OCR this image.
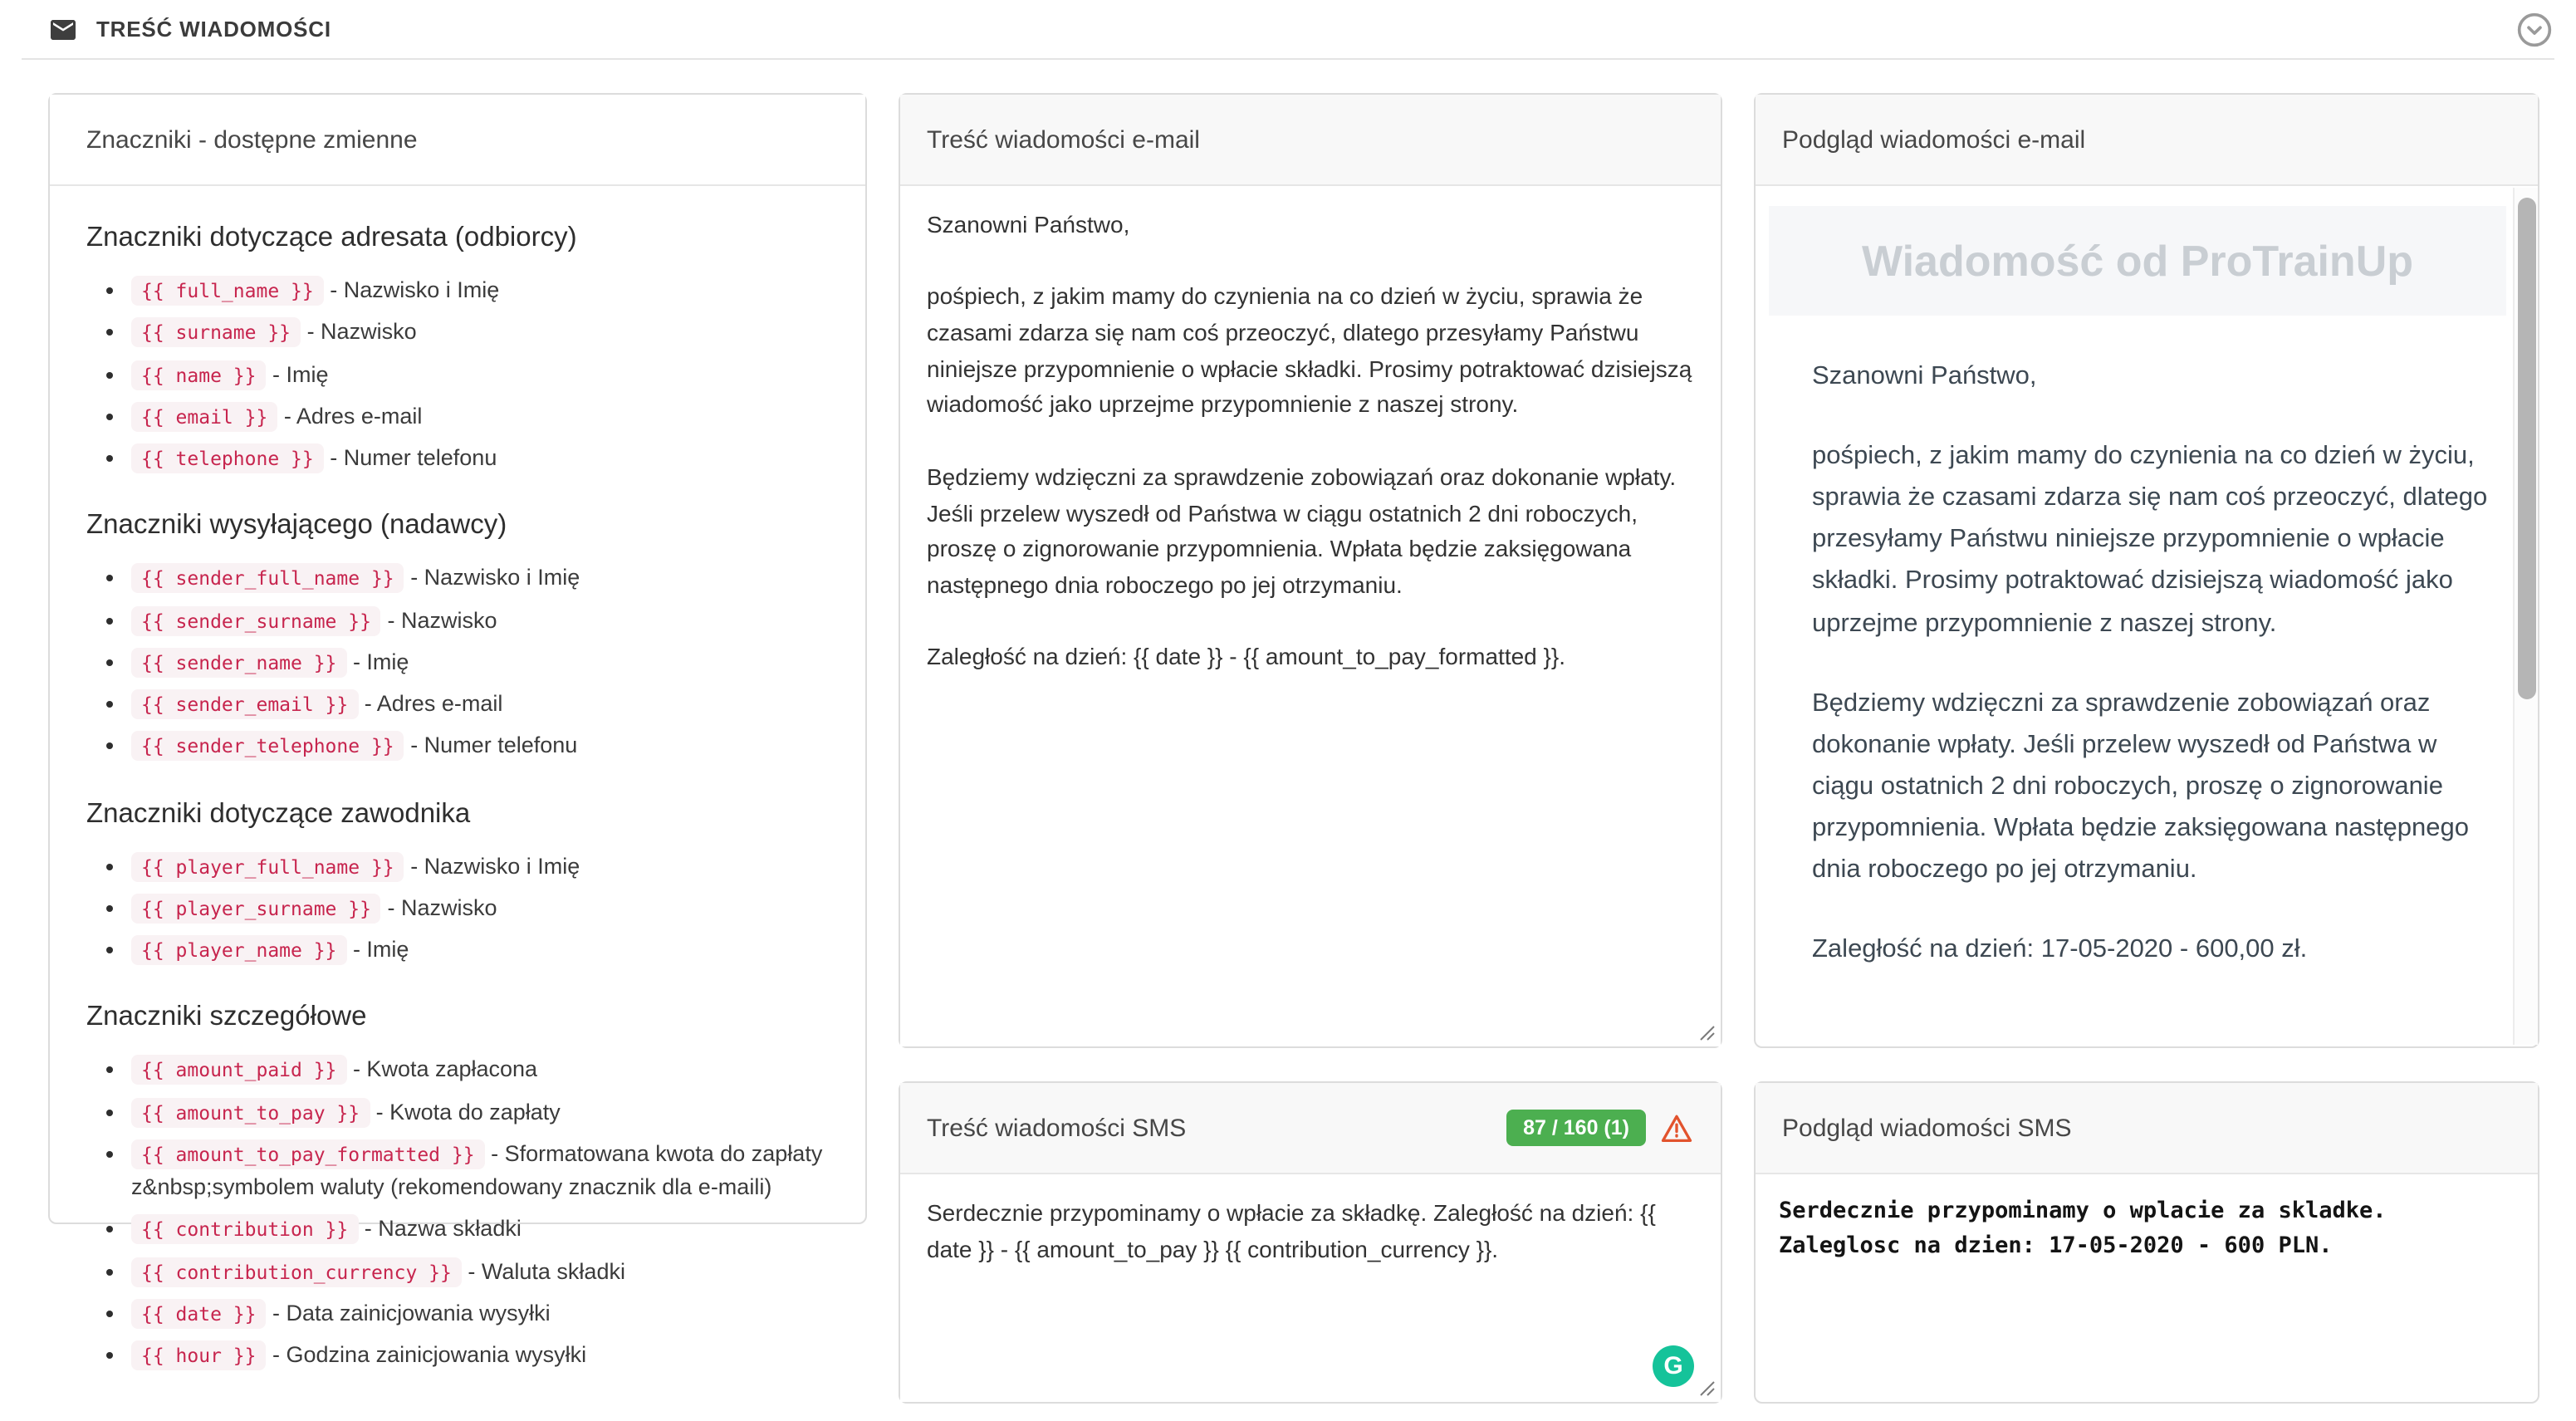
TREŚĆ WIADOMOŚCI
Znaczniki - dostępne zmienne
Znaczniki dotyczące adresata (odbiorcy)
• {{ full_name }} - Nazwisko i Imię
• {{ surname }} - Nazwisko
• {{ name }} - Imię
• {{ email }} - Adres e-mail
• {{ telephone }} - Numer telefonu
Znaczniki wysyłającego (nadawcy)
• {{ sender_full_name }} - Nazwisko i Imię
• {{ sender_surname }} - Nazwisko
• {{ sender_name }} - Imię
• {{ sender_email }} - Adres e-mail
• {{ sender_telephone }} - Numer telefonu
Znaczniki dotyczące zawodnika
• {{ player_full_name }} - Nazwisko i Imię
• {{ player_surname }} - Nazwisko
• {{ player_name }} - Imię
Znaczniki szczegółowe
• {{ amount_paid }} - Kwota zapłacona
• {{ amount_to_pay }} - Kwota do zapłaty
• {{ amount_to_pay_formatted }} - Sformatowana kwota do zapłaty z&nbsp;symbolem waluty (rekomendowany znacznik dla e-maili)
• {{ contribution }} - Nazwa składki
• {{ contribution_currency }} - Waluta składki
• {{ date }} - Data zainicjowania wysyłki
• {{ hour }} - Godzina zainicjowania wysyłki
Treść wiadomości e-mail
Szanowni Państwo, pośpiech, z jakim mamy do czynienia na co dzień w życiu, sprawia że czasami zdarza się nam coś przeoczyć, dlatego przesyłamy Państwu niniejsze przypomnienie o wpłacie składki. Prosimy potraktować dzisiejszą wiadomość jako uprzejme przypomnienie z naszej strony. Będziemy wdzięczni za sprawdzenie zobowiązań oraz dokonanie wpłaty. Jeśli przelew wyszedł od Państwa w ciągu ostatnich 2 dni roboczych, proszę o zignorowanie przypomnienia. Wpłata będzie zaksięgowana następnego dnia roboczego po jej otrzymaniu. Zaległość na dzień: {{ date }} - {{ amount_to_pay_formatted }}.
Treść wiadomości SMS	87 / 160 (1)
Serdecznie przypominamy o wpłacie za składkę. Zaległość na dzień: {{ date }} - {{ amount_to_pay }} {{ contribution_currency }}.
G
Podgląd wiadomości e-mail
Wiadomość od ProTrainUp

Szanowni Państwo,

pośpiech, z jakim mamy do czynienia na co dzień w życiu, sprawia że czasami zdarza się nam coś przeoczyć, dlatego przesyłamy Państwu niniejsze przypomnienie o wpłacie składki. Prosimy potraktować dzisiejszą wiadomość jako uprzejme przypomnienie z naszej strony.

Będziemy wdzięczni za sprawdzenie zobowiązań oraz dokonanie wpłaty. Jeśli przelew wyszedł od Państwa w ciągu ostatnich 2 dni roboczych, proszę o zignorowanie przypomnienia. Wpłata będzie zaksięgowana następnego dnia roboczego po jej otrzymaniu.

Zaległość na dzień: 17-05-2020 - 600,00 zł.

Podgląd wiadomości SMS
Serdecznie przypominamy o wplacie za skladke. Zaleglosc na dzien: 17-05-2020 - 600 PLN.
